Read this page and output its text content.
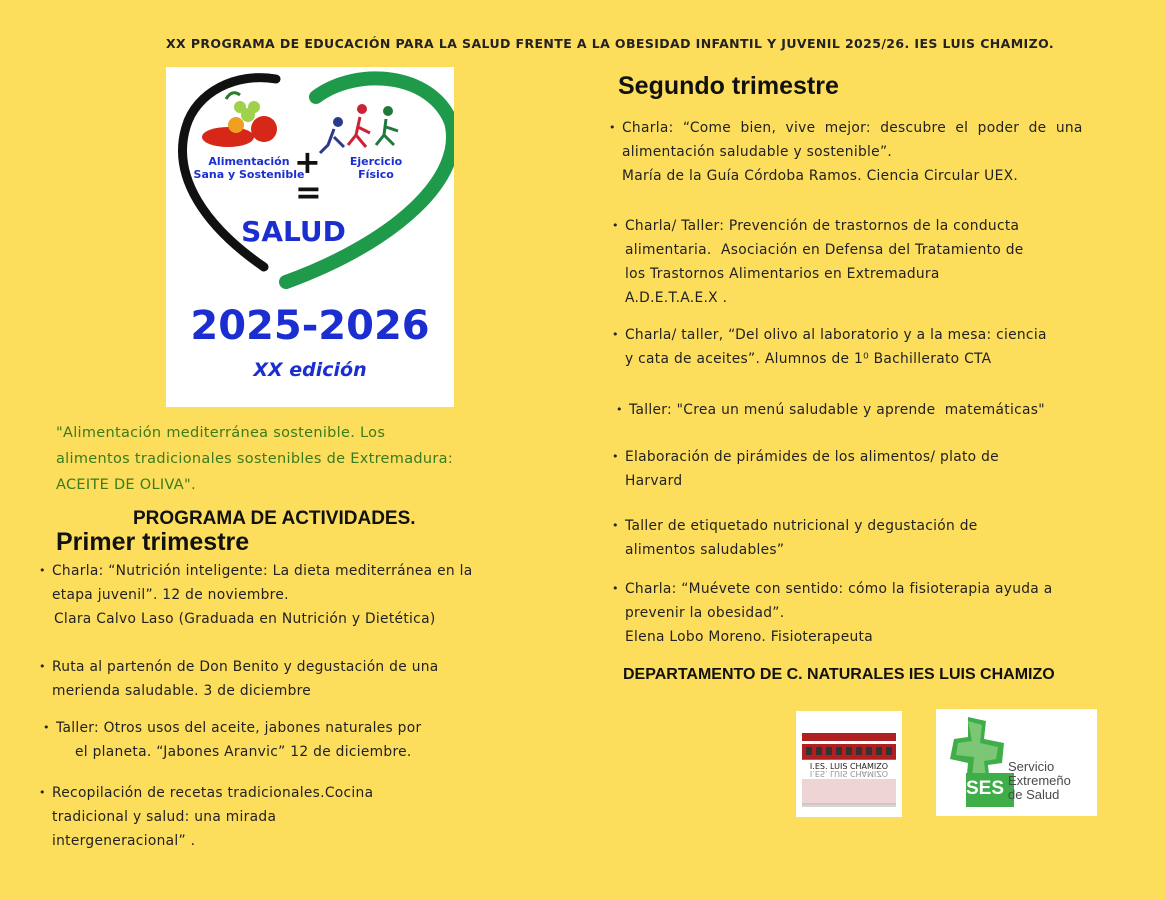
XX PROGRAMA DE EDUCACIÓN PARA LA SALUD FRENTE A LA OBESIDAD INFANTIL Y JUVENIL 2025/26. IES LUIS CHAMIZO.
Alimentación
Sana y Sostenible
Ejercicio
Físico
+
=
SALUD
2025-2026
XX edición
"Alimentación mediterránea sostenible. Los
alimentos tradicionales sostenibles de Extremadura:
ACEITE DE OLIVA".
PROGRAMA DE ACTIVIDADES.
Primer trimestre
• Charla: “Nutrición inteligente: La dieta mediterránea en la
etapa juvenil”. 12 de noviembre.
Clara Calvo Laso (Graduada en Nutrición y Dietética)
• Ruta al partenón de Don Benito y degustación de una
merienda saludable. 3 de diciembre
• Taller: Otros usos del aceite, jabones naturales por
el planeta. “Jabones Aranvic” 12 de diciembre.
• Recopilación de recetas tradicionales.Cocina
tradicional y salud: una mirada
intergeneracional” .
Segundo trimestre
• Charla:  “Come  bien,  vive  mejor:  descubre  el  poder  de  una
alimentación saludable y sostenible”.
María de la Guía Córdoba Ramos. Ciencia Circular UEX.
• Charla/ Taller: Prevención de trastornos de la conducta
alimentaria.  Asociación en Defensa del Tratamiento de
los Trastornos Alimentarios en Extremadura
A.D.E.T.A.E.X .
• Charla/ taller, “Del olivo al laboratorio y a la mesa: ciencia
y cata de aceites”. Alumnos de 1⁰ Bachillerato CTA
• Taller: "Crea un menú saludable y aprende  matemáticas"
• Elaboración de pirámides de los alimentos/ plato de
Harvard
• Taller de etiquetado nutricional y degustación de
alimentos saludables”
• Charla: “Muévete con sentido: cómo la fisioterapia ayuda a
prevenir la obesidad”.
Elena Lobo Moreno. Fisioterapeuta
DEPARTAMENTO DE C. NATURALES IES LUIS CHAMIZO
I.ES. LUIS CHAMIZO
I.ES. LUIS CHAMIZO
SES
Servicio
Extremeño
de Salud
